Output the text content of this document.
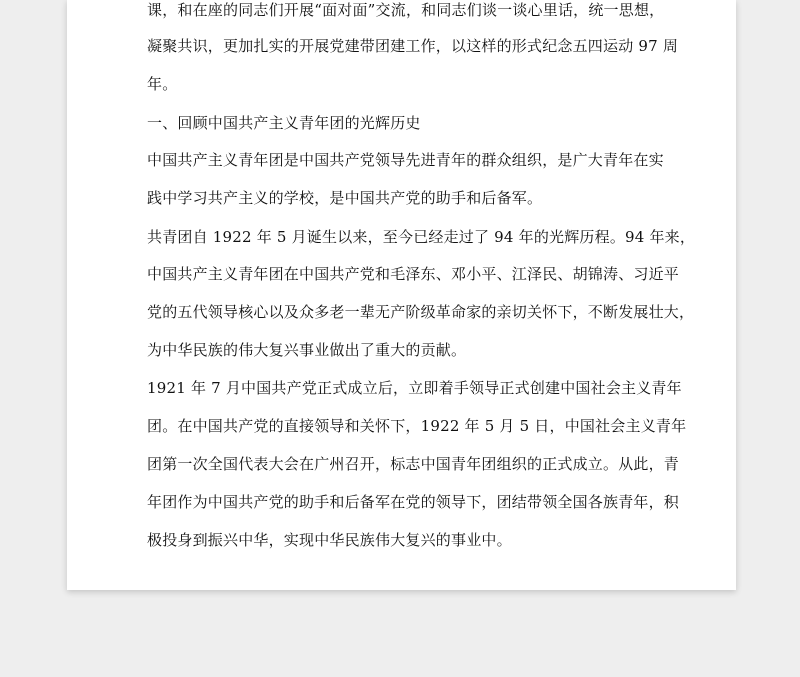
课，和在座的同志们开展“面对面”交流，和同志们谈一谈心里话，统一思想，
凝聚共识，更加扎实的开展党建带团建工作，以这样的形式纪念五四运动 97 周
年。
一、回顾中国共产主义青年团的光辉历史
中国共产主义青年团是中国共产党领导先进青年的群众组织，是广大青年在实
践中学习共产主义的学校，是中国共产党的助手和后备军。
共青团自 1922 年 5 月诞生以来，至今已经走过了 94 年的光辉历程。94 年来，
中国共产主义青年团在中国共产党和毛泽东、邓小平、江泽民、胡锦涛、习近平
党的五代领导核心以及众多老一辈无产阶级革命家的亲切关怀下，不断发展壮大，
为中华民族的伟大复兴事业做出了重大的贡献。
1921 年 7 月中国共产党正式成立后，立即着手领导正式创建中国社会主义青年
团。在中国共产党的直接领导和关怀下，1922 年 5 月 5 日，中国社会主义青年
团第一次全国代表大会在广州召开，标志中国青年团组织的正式成立。从此，青
年团作为中国共产党的助手和后备军在党的领导下，团结带领全国各族青年，积
极投身到振兴中华，实现中华民族伟大复兴的事业中。
